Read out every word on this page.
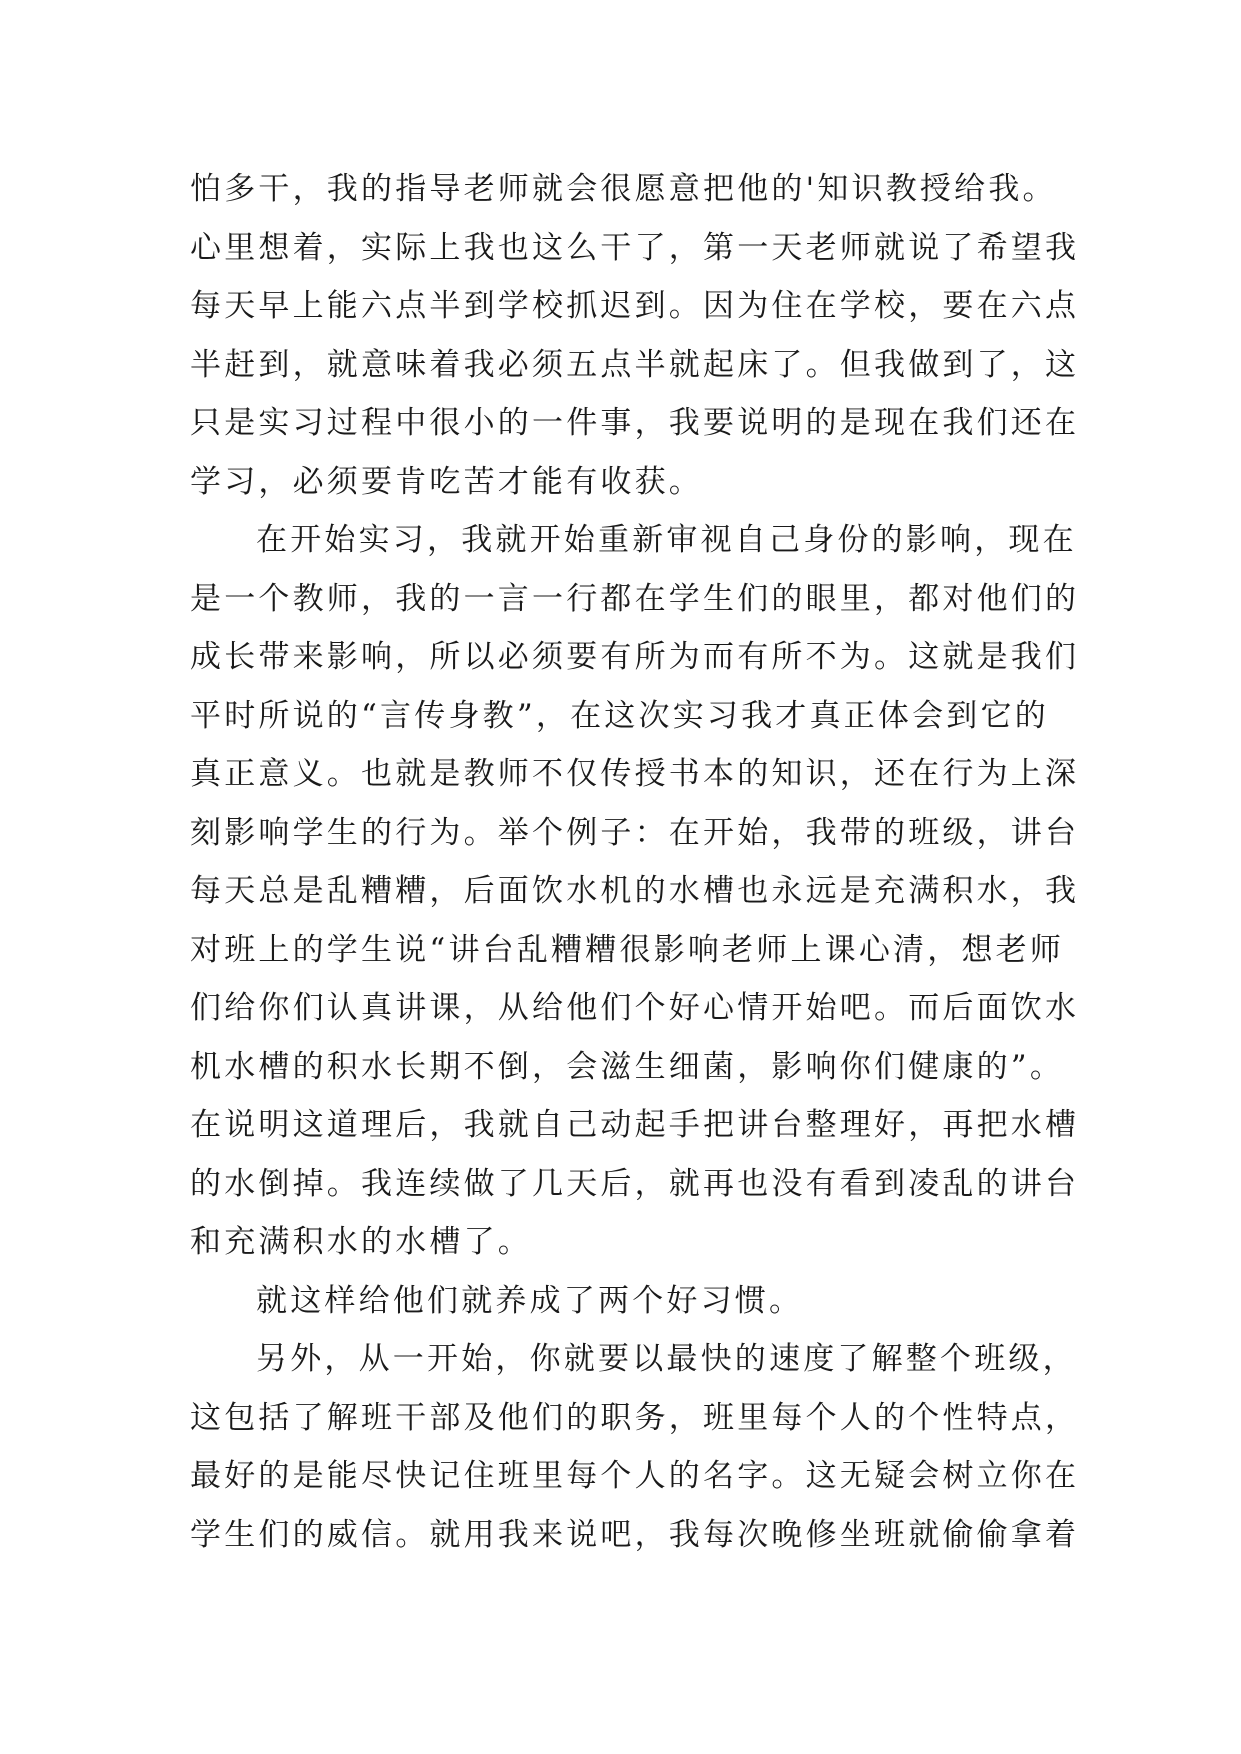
怕多干，我的指导老师就会很愿意把他的'知识教授给我。
心里想着，实际上我也这么干了，第一天老师就说了希望我
每天早上能六点半到学校抓迟到。因为住在学校，要在六点
半赶到，就意味着我必须五点半就起床了。但我做到了，这
只是实习过程中很小的一件事，我要说明的是现在我们还在
学习，必须要肯吃苦才能有收获。
在开始实习，我就开始重新审视自己身份的影响，现在
是一个教师，我的一言一行都在学生们的眼里，都对他们的
成长带来影响，所以必须要有所为而有所不为。这就是我们
平时所说的“言传身教”，在这次实习我才真正体会到它的
真正意义。也就是教师不仅传授书本的知识，还在行为上深
刻影响学生的行为。举个例子：在开始，我带的班级，讲台
每天总是乱糟糟，后面饮水机的水槽也永远是充满积水，我
对班上的学生说“讲台乱糟糟很影响老师上课心清，想老师
们给你们认真讲课，从给他们个好心情开始吧。而后面饮水
机水槽的积水长期不倒，会滋生细菌，影响你们健康的”。
在说明这道理后，我就自己动起手把讲台整理好，再把水槽
的水倒掉。我连续做了几天后，就再也没有看到凌乱的讲台
和充满积水的水槽了。
就这样给他们就养成了两个好习惯。
另外，从一开始，你就要以最快的速度了解整个班级，
这包括了解班干部及他们的职务，班里每个人的个性特点，
最好的是能尽快记住班里每个人的名字。这无疑会树立你在
学生们的威信。就用我来说吧，我每次晚修坐班就偷偷拿着
